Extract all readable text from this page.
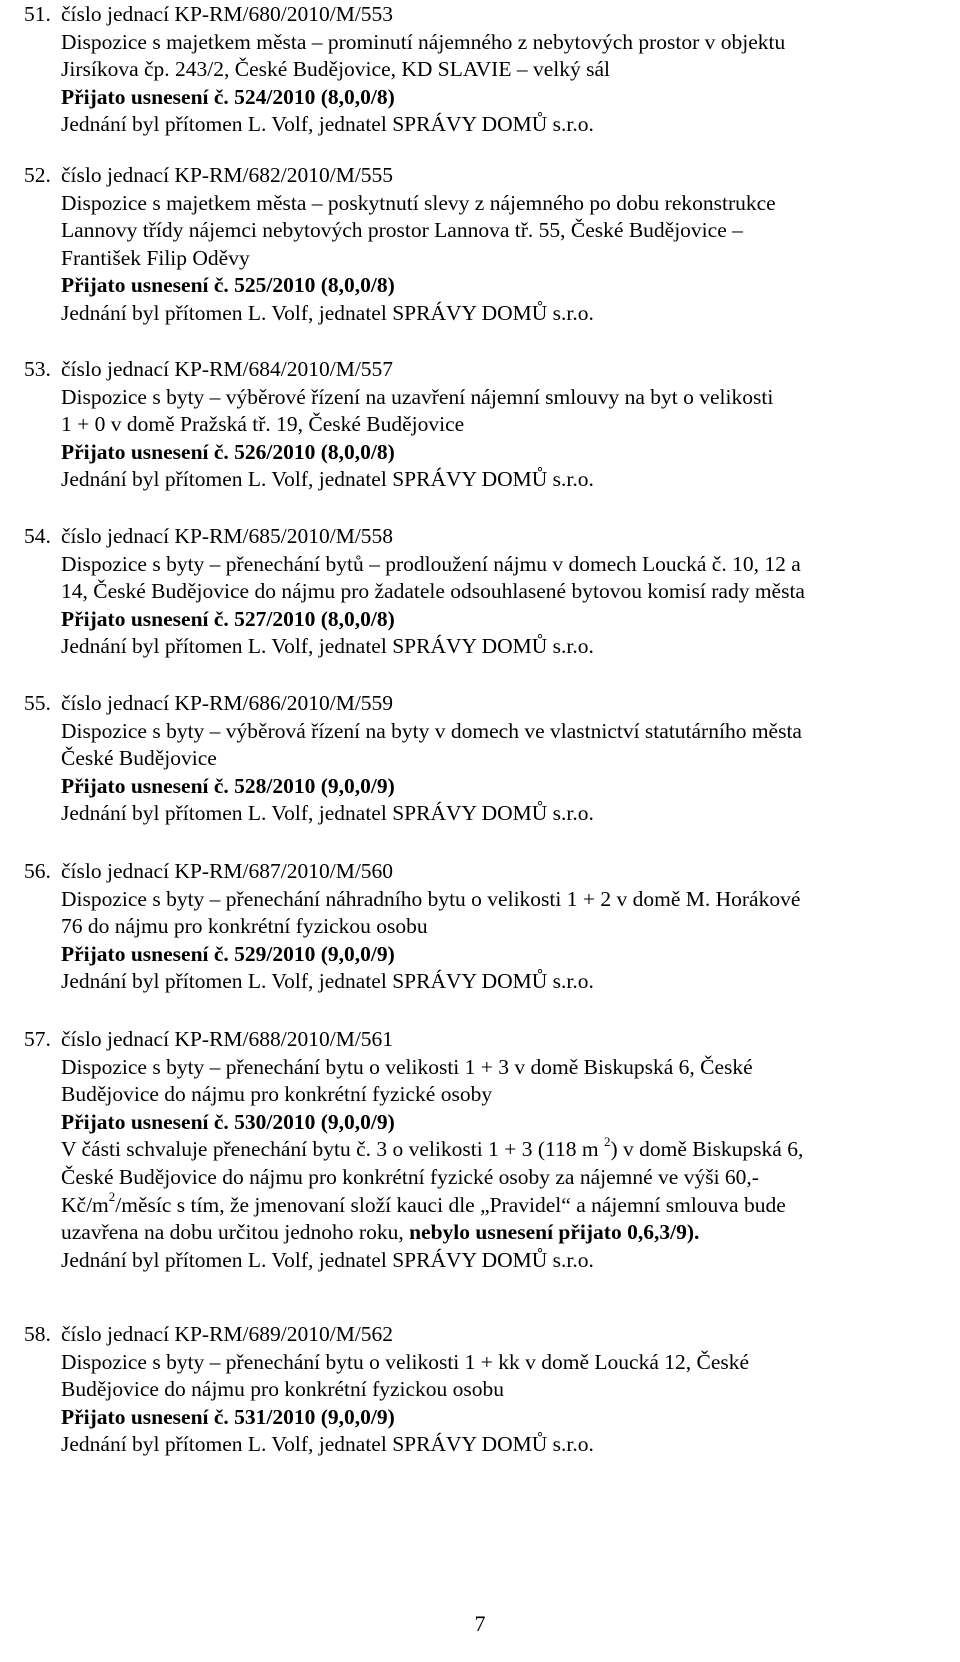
51. číslo jednací KP-RM/680/2010/M/553
Dispozice s majetkem města – prominutí nájemného z nebytových prostor v objektu
Jirsíkova čp. 243/2, České Budějovice, KD SLAVIE – velký sál
Přijato usnesení č. 524/2010 (8,0,0/8)
Jednání byl přítomen L. Volf, jednatel SPRÁVY DOMŮ s.r.o.
52. číslo jednací KP-RM/682/2010/M/555
Dispozice s majetkem města – poskytnutí slevy z nájemného po dobu rekonstrukce
Lannovy třídy nájemci nebytových prostor Lannova tř. 55, České Budějovice –
František Filip Oděvy
Přijato usnesení č. 525/2010 (8,0,0/8)
Jednání byl přítomen L. Volf, jednatel SPRÁVY DOMŮ s.r.o.
53. číslo jednací KP-RM/684/2010/M/557
Dispozice s byty – výběrové řízení na uzavření nájemní smlouvy na byt o velikosti
1 + 0 v domě Pražská tř. 19, České Budějovice
Přijato usnesení č. 526/2010 (8,0,0/8)
Jednání byl přítomen L. Volf, jednatel SPRÁVY DOMŮ s.r.o.
54. číslo jednací KP-RM/685/2010/M/558
Dispozice s byty – přenechání bytů – prodloužení nájmu v domech Loucká č. 10, 12 a
14, České Budějovice do nájmu pro žadatele odsouhlasené bytovou komisí rady města
Přijato usnesení č. 527/2010 (8,0,0/8)
Jednání byl přítomen L. Volf, jednatel SPRÁVY DOMŮ s.r.o.
55. číslo jednací KP-RM/686/2010/M/559
Dispozice s byty – výběrová řízení na byty v domech ve vlastnictví statutárního města
České Budějovice
Přijato usnesení č. 528/2010 (9,0,0/9)
Jednání byl přítomen L. Volf, jednatel SPRÁVY DOMŮ s.r.o.
56. číslo jednací KP-RM/687/2010/M/560
Dispozice s byty – přenechání náhradního bytu o velikosti 1 + 2 v domě M. Horákové
76 do nájmu pro konkrétní fyzickou osobu
Přijato usnesení č. 529/2010 (9,0,0/9)
Jednání byl přítomen L. Volf, jednatel SPRÁVY DOMŮ s.r.o.
57. číslo jednací KP-RM/688/2010/M/561
Dispozice s byty – přenechání bytu o velikosti 1 + 3 v domě Biskupská 6, České
Budějovice do nájmu pro konkrétní fyzické osoby
Přijato usnesení č. 530/2010 (9,0,0/9)
V části schvaluje přenechání bytu č. 3 o velikosti 1 + 3 (118 m $^2$) v domě Biskupská 6,
České Budějovice do nájmu pro konkrétní fyzické osoby za nájemné ve výši 60,-
$Kč/m^2$/měsíc s tím, že jmenovaní složí kauci dle „Pravidel“ a nájemní smlouva bude
uzavřena na dobu určitou jednoho roku, nebylo usnesení přijato 0,6,3/9).
Jednání byl přítomen L. Volf, jednatel SPRÁVY DOMŮ s.r.o.
58. číslo jednací KP-RM/689/2010/M/562
Dispozice s byty – přenechání bytu o velikosti 1 + kk v domě Loucká 12, České
Budějovice do nájmu pro konkrétní fyzickou osobu
Přijato usnesení č. 531/2010 (9,0,0/9)
Jednání byl přítomen L. Volf, jednatel SPRÁVY DOMŮ s.r.o.
7
